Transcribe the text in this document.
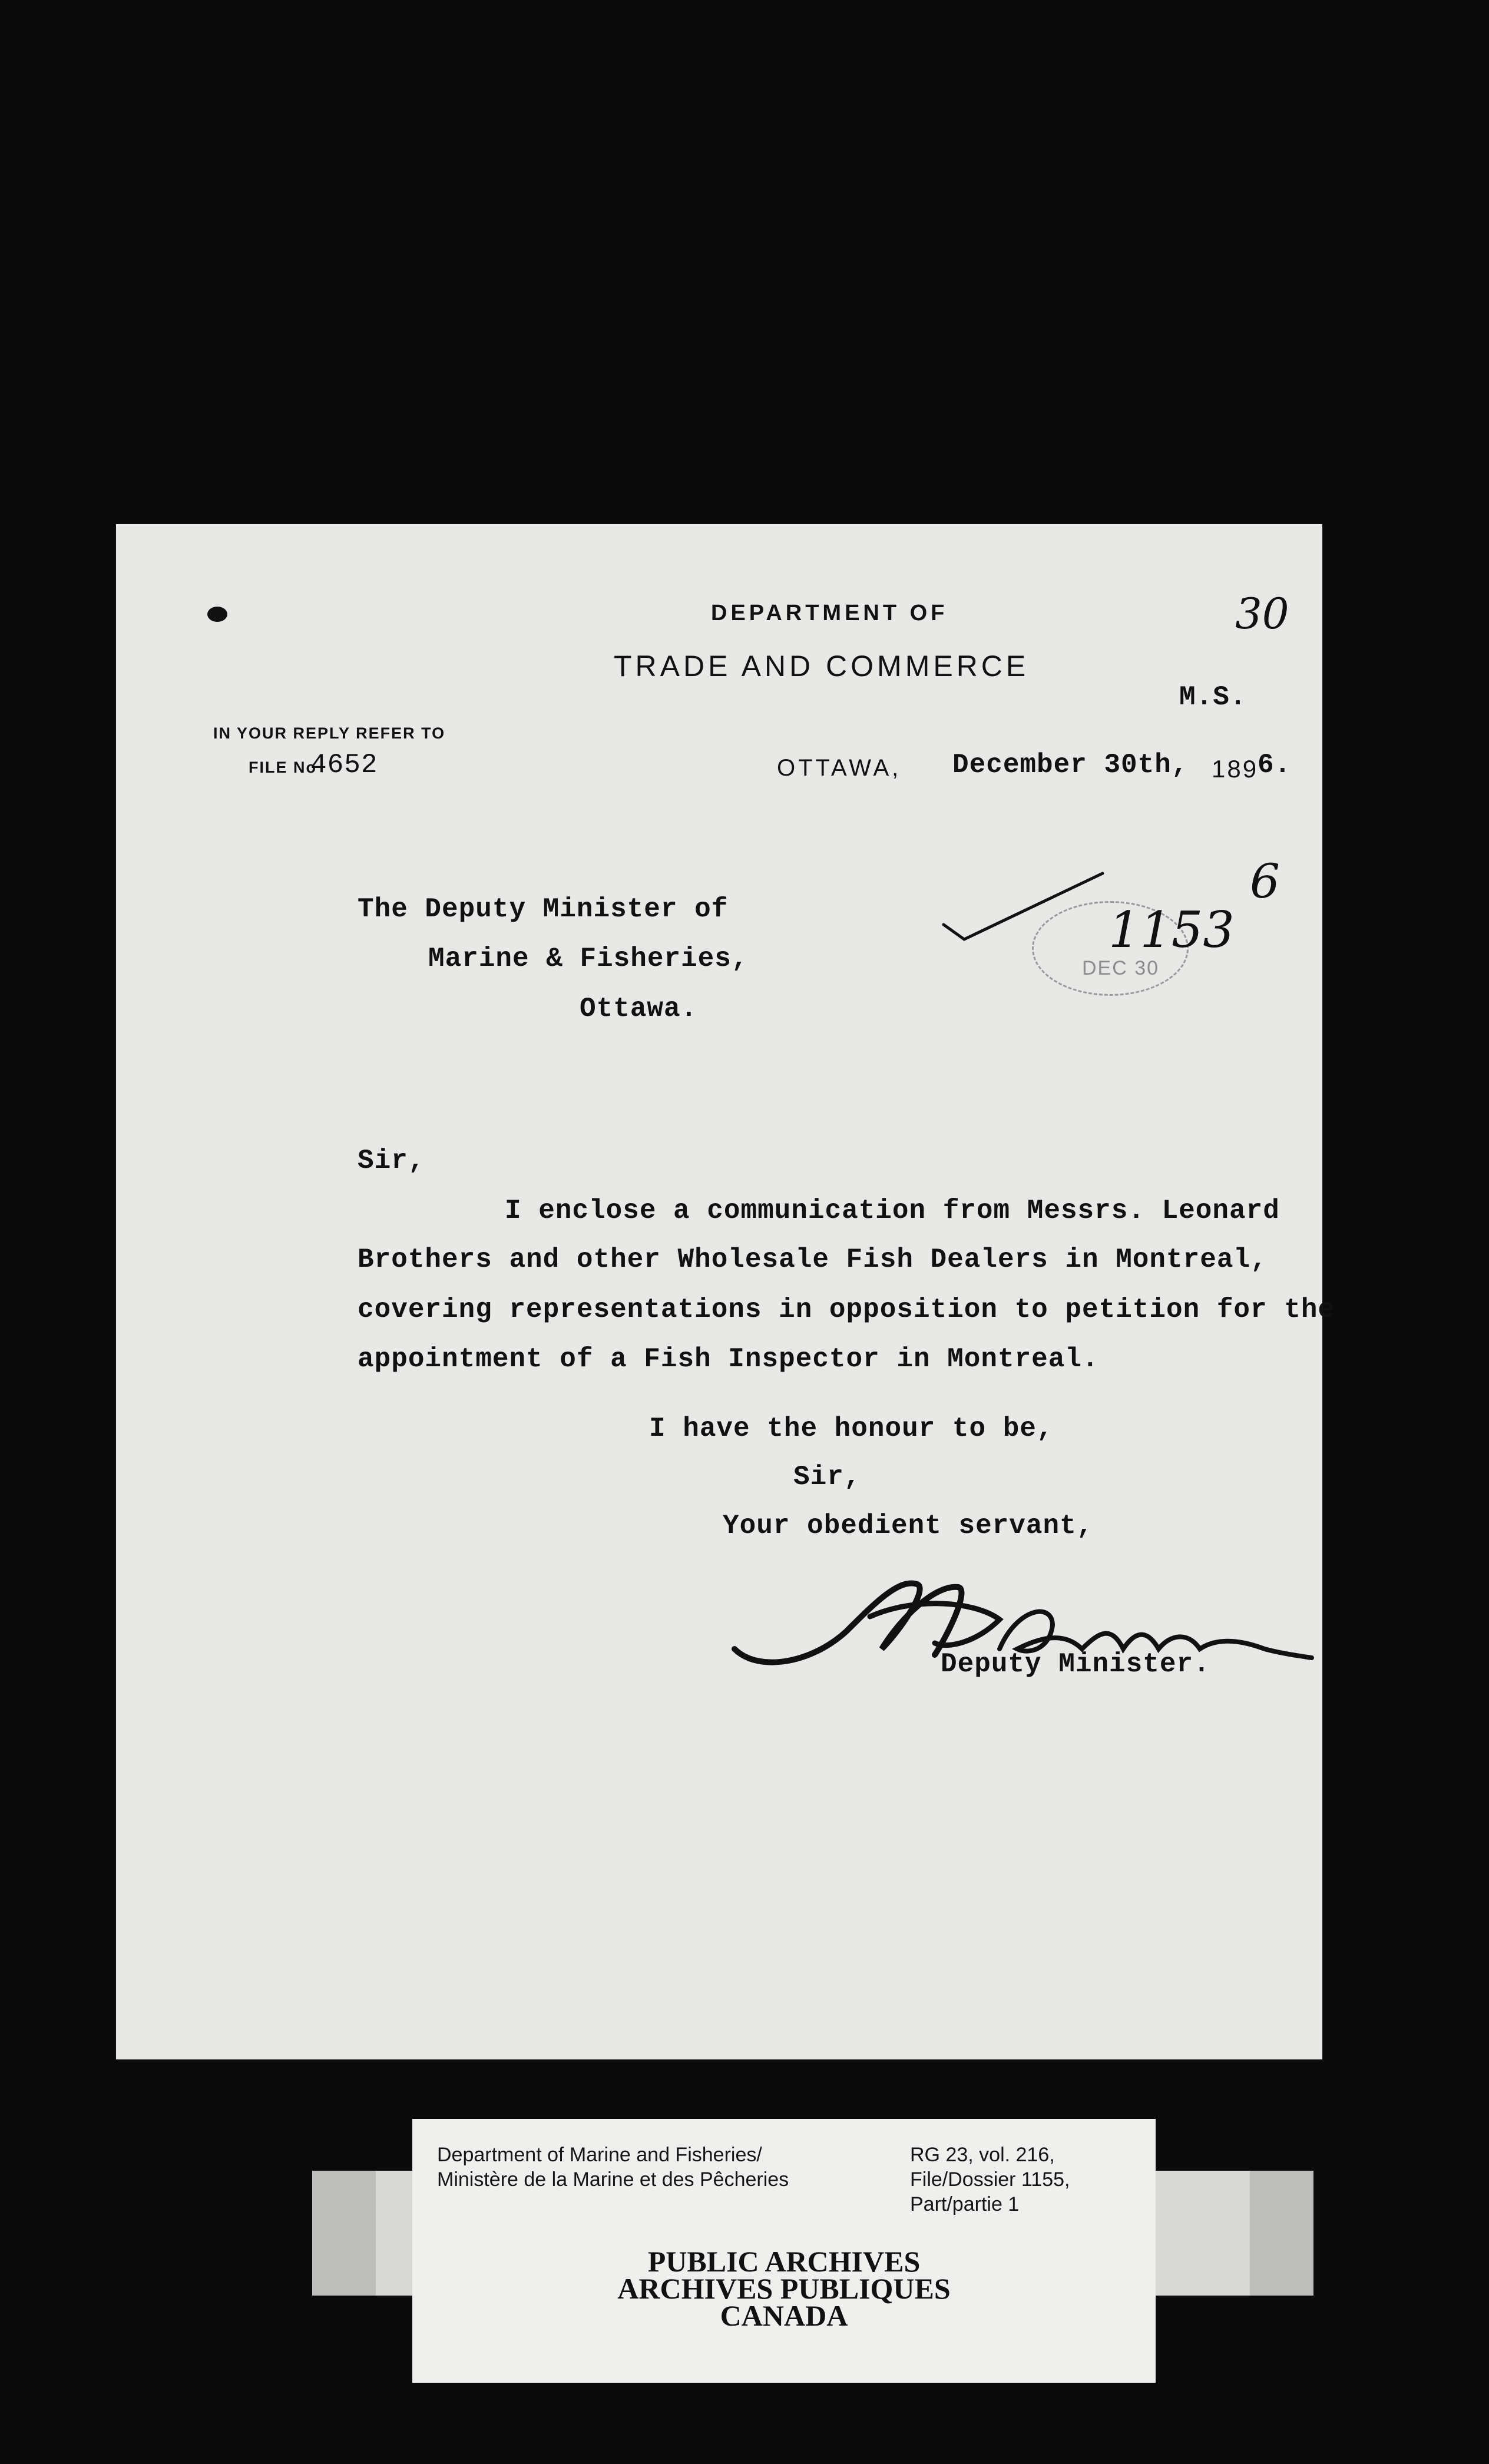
DEPARTMENT OF
TRADE AND COMMERCE
30
M.S.
IN YOUR REPLY REFER TO
FILE No
4652	OTTAWA, December 30th, 189
6.
The Deputy Minister of
Marine & Fisheries,
Ottawa.
DEC 30
1153
6
Sir,
I enclose a communication from Messrs. Leonard
Brothers and other Wholesale Fish Dealers in Montreal,
covering representations in opposition to petition for the
appointment of a Fish Inspector in Montreal.
I have the honour to be,
Sir,
Your obedient servant,
Deputy Minister.
Department of Marine and Fisheries/
Ministère de la Marine et des Pêcheries
RG 23, vol. 216,
File/Dossier 1155,
Part/partie 1
PUBLIC ARCHIVES
ARCHIVES PUBLIQUES
CANADA
